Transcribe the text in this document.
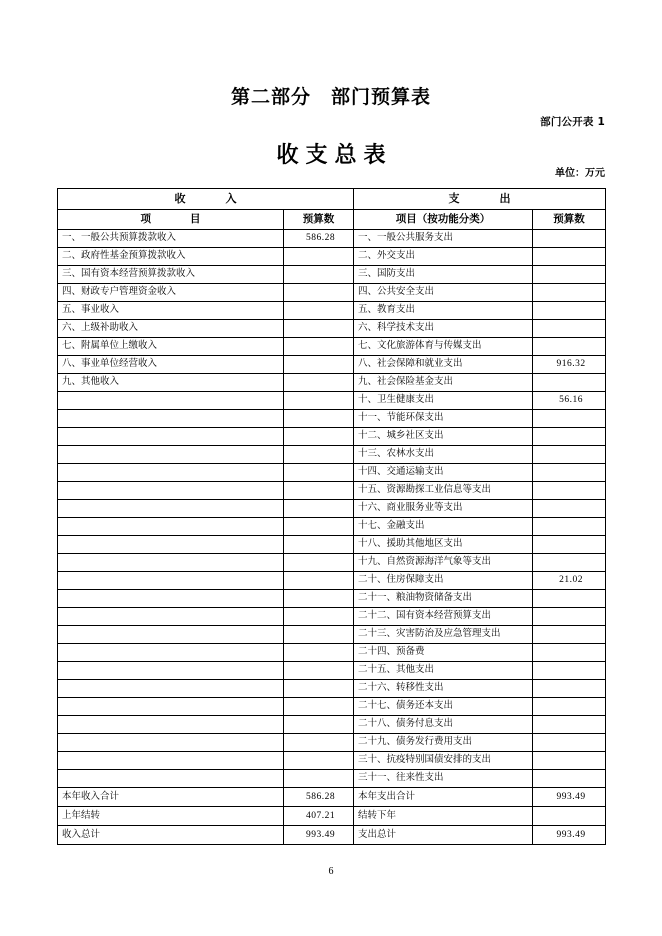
第二部分 部门预算表
部门公开表 1
收支总表
单位：万元
收　　入		支　　出	
项　　目	预算数	项目（按功能分类）	预算数
一、一般公共预算拨款收入	586.28	一、一般公共服务支出	
二、政府性基金预算拨款收入		二、外交支出	
三、国有资本经营预算拨款收入		三、国防支出	
四、财政专户管理资金收入		四、公共安全支出	
五、事业收入		五、教育支出	
六、上级补助收入		六、科学技术支出	
七、附属单位上缴收入		七、文化旅游体育与传媒支出	
八、事业单位经营收入		八、社会保障和就业支出	916.32
九、其他收入		九、社会保险基金支出	
		十、卫生健康支出	56.16
		十一、节能环保支出	
		十二、城乡社区支出	
		十三、农林水支出	
		十四、交通运输支出	
		十五、资源勘探工业信息等支出	
		十六、商业服务业等支出	
		十七、金融支出	
		十八、援助其他地区支出	
		十九、自然资源海洋气象等支出	
		二十、住房保障支出	21.02
		二十一、粮油物资储备支出	
		二十二、国有资本经营预算支出	
		二十三、灾害防治及应急管理支出	
		二十四、预备费	
		二十五、其他支出	
		二十六、转移性支出	
		二十七、债务还本支出	
		二十八、债务付息支出	
		二十九、债务发行费用支出	
		三十、抗疫特别国债安排的支出	
		三十一、往来性支出	
本年收入合计	586.28	本年支出合计	993.49
上年结转	407.21	结转下年	
收入总计	993.49	支出总计	993.49
6
